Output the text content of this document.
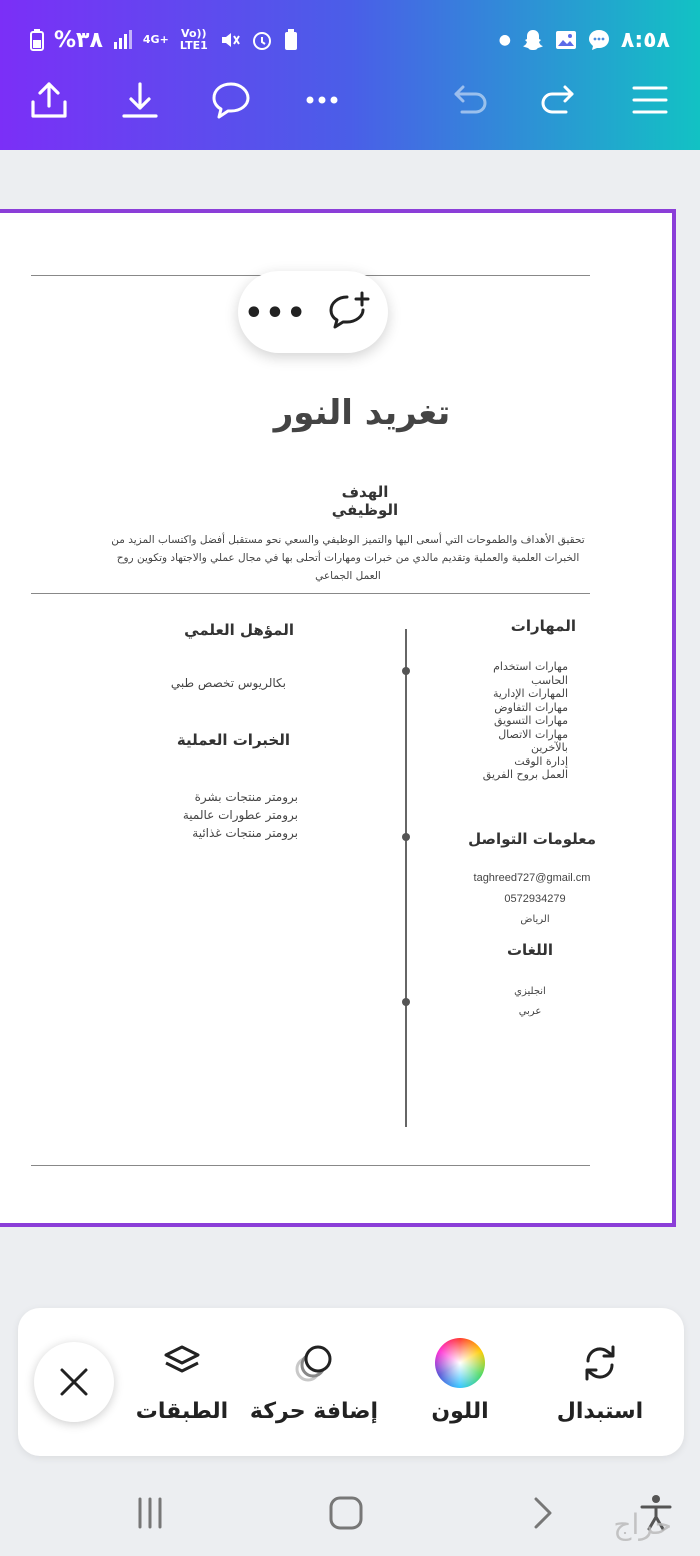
%٣٨	4G+ Vo)) LTE1	●	٨:٥٨
•••
تغريد النور
الهدف الوظيفي
تحقيق الأهداف والطموحات التي أسعى اليها والتميز الوظيفي والسعي نحو مستقبل أفضل واكتساب المزيد من الخبرات العلمية والعملية وتقديم مالدي من خبرات ومهارات أتحلى بها في مجال عملي والاجتهاد وتكوين روح العمل الجماعي
المهارات
مهارات استخدام
الحاسب
المهارات الإدارية
مهارات التفاوض
مهارات التسويق
مهارات الاتصال
بالآخرين
إدارة الوقت
العمل بروح الفريق
معلومات التواصل
taghreed727@gmail.cm
0572934279
الرياض
اللغات
انجليزي
عربي
المؤهل العلمي
بكالريوس تخصص طبي
الخبرات العملية
برومتر منتجات بشرة
برومتر عطورات عالمية
برومتر منتجات غذائية
الطبقات إضافة حركة	اللون	استبدال
حراج
